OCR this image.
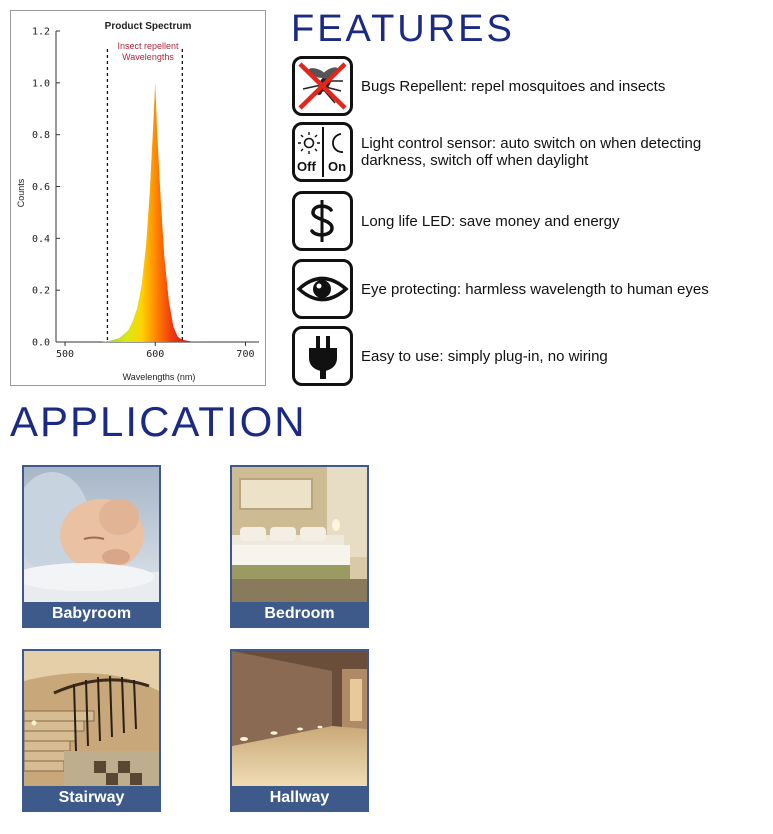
0.0
0.2
0.4
0.6
0.8
1.0
1.2
500	600	700
Product Spectrum
Insect repellent
Wavelengths
Wavelengths (nm)
Counts
FEATURES
Bugs Repellent: repel mosquitoes and insects
Off On
Light control sensor: auto switch on when detecting
darkness, switch off when daylight
Long life LED: save money and energy
Eye protecting: harmless wavelength to human eyes
Easy to use: simply plug-in, no wiring
APPLICATION
Babyroom	Bedroom
Stairway	Hallway
